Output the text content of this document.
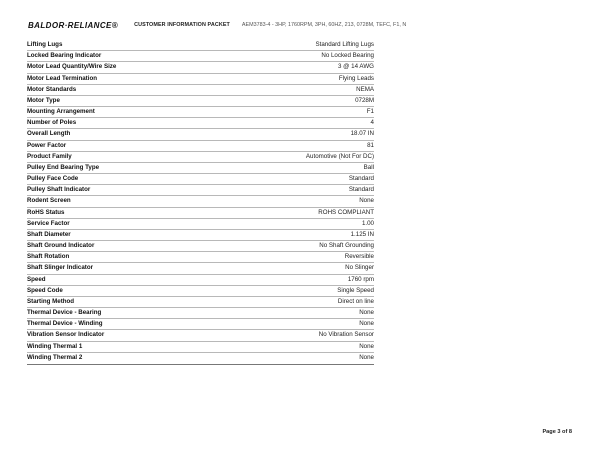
BALDOR·RELIANCE®	CUSTOMER INFORMATION PACKET AEM3783-4 - 3HP, 1760RPM, 3PH, 60HZ, 213, 0728M, TEFC, F1, N
Lifting Lugs	Standard Lifting Lugs
Locked Bearing Indicator	No Locked Bearing
Motor Lead Quantity/Wire Size	3 @ 14 AWG
Motor Lead Termination	Flying Leads
Motor Standards	NEMA
Motor Type	0728M
Mounting Arrangement	F1
Number of Poles	4
Overall Length	18.07 IN
Power Factor	81
Product Family	Automotive (Not For DC)
Pulley End Bearing Type	Ball
Pulley Face Code	Standard
Pulley Shaft Indicator	Standard
Rodent Screen	None
RoHS Status	ROHS COMPLIANT
Service Factor	1.00
Shaft Diameter	1.125 IN
Shaft Ground Indicator	No Shaft Grounding
Shaft Rotation	Reversible
Shaft Slinger Indicator	No Slinger
Speed	1760 rpm
Speed Code	Single Speed
Starting Method	Direct on line
Thermal Device - Bearing	None
Thermal Device - Winding	None
Vibration Sensor Indicator	No Vibration Sensor
Winding Thermal 1	None
Winding Thermal 2	None
Page 3 of 8
